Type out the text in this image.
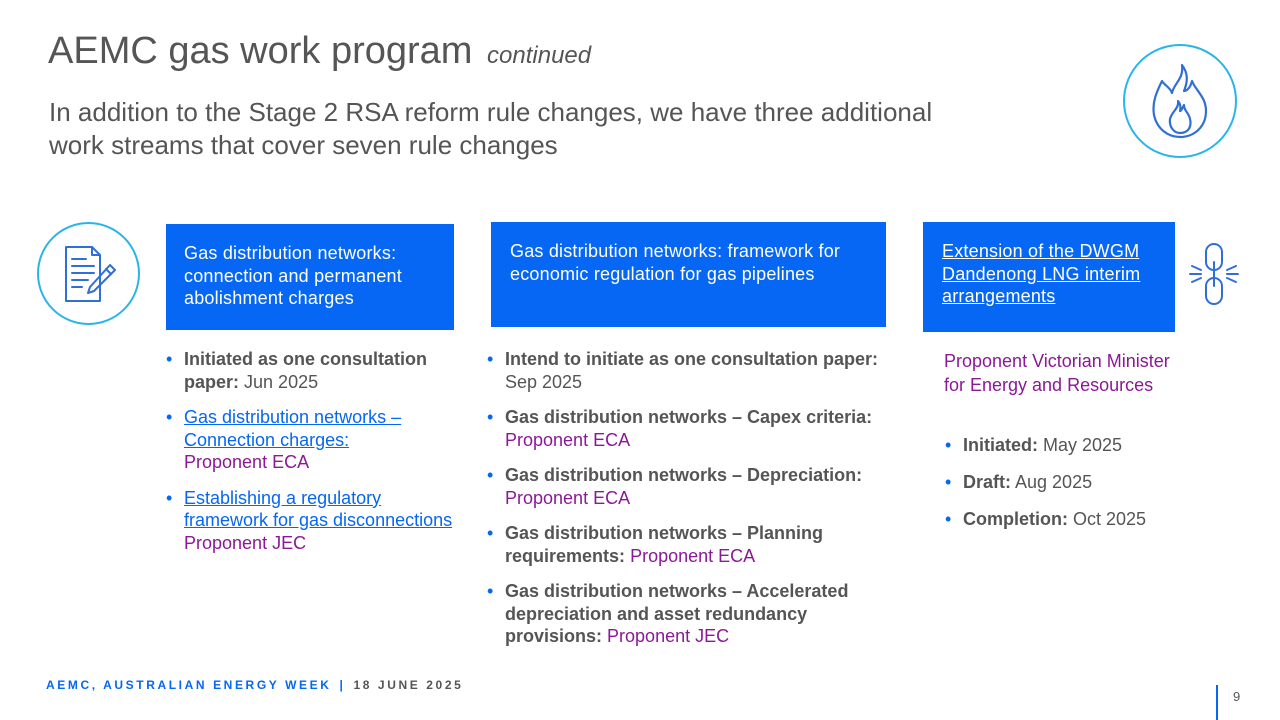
AEMC gas work program continued
In addition to the Stage 2 RSA reform rule changes, we have three additional work streams that cover seven rule changes
Gas distribution networks: connection and permanent abolishment charges
Gas distribution networks: framework for economic regulation for gas pipelines
Extension of the DWGM Dandenong LNG interim arrangements
• Initiated as one consultation paper: Jun 2025
• Gas distribution networks – Connection charges:
Proponent ECA
• Establishing a regulatory framework for gas disconnections
Proponent JEC
• Intend to initiate as one consultation paper:
Sep 2025
• Gas distribution networks – Capex criteria:
Proponent ECA
• Gas distribution networks – Depreciation:
Proponent ECA
• Gas distribution networks – Planning requirements: Proponent ECA
• Gas distribution networks – Accelerated depreciation and asset redundancy provisions: Proponent JEC
Proponent Victorian Minister for Energy and Resources
• Initiated: May 2025
• Draft: Aug 2025
• Completion: Oct 2025
AEMC, AUSTRALIAN ENERGY WEEK | 18 JUNE 2025
9
